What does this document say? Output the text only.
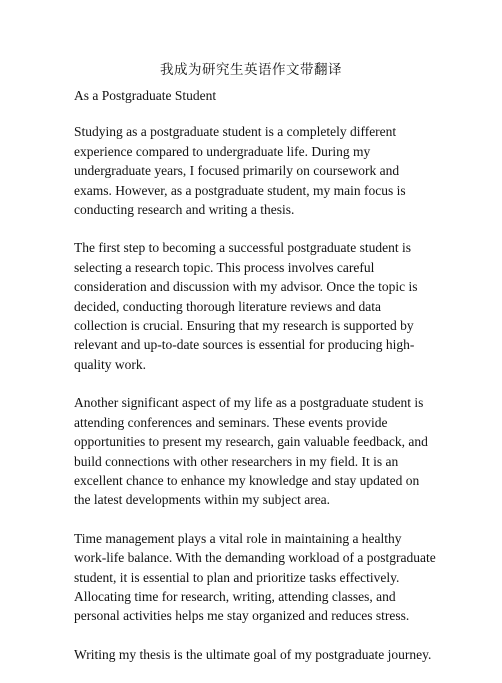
我成为研究生英语作文带翻译
As a Postgraduate Student

Studying as a postgraduate student is a completely different experience compared to undergraduate life. During my undergraduate years, I focused primarily on coursework and exams. However, as a postgraduate student, my main focus is conducting research and writing a thesis.

The first step to becoming a successful postgraduate student is selecting a research topic. This process involves careful consideration and discussion with my advisor. Once the topic is decided, conducting thorough literature reviews and data collection is crucial. Ensuring that my research is supported by relevant and up-to-date sources is essential for producing high-quality work.

Another significant aspect of my life as a postgraduate student is attending conferences and seminars. These events provide opportunities to present my research, gain valuable feedback, and build connections with other researchers in my field. It is an excellent chance to enhance my knowledge and stay updated on the latest developments within my subject area.

Time management plays a vital role in maintaining a healthy work-life balance. With the demanding workload of a postgraduate student, it is essential to plan and prioritize tasks effectively. Allocating time for research, writing, attending classes, and personal activities helps me stay organized and reduces stress.

Writing my thesis is the ultimate goal of my postgraduate journey.
